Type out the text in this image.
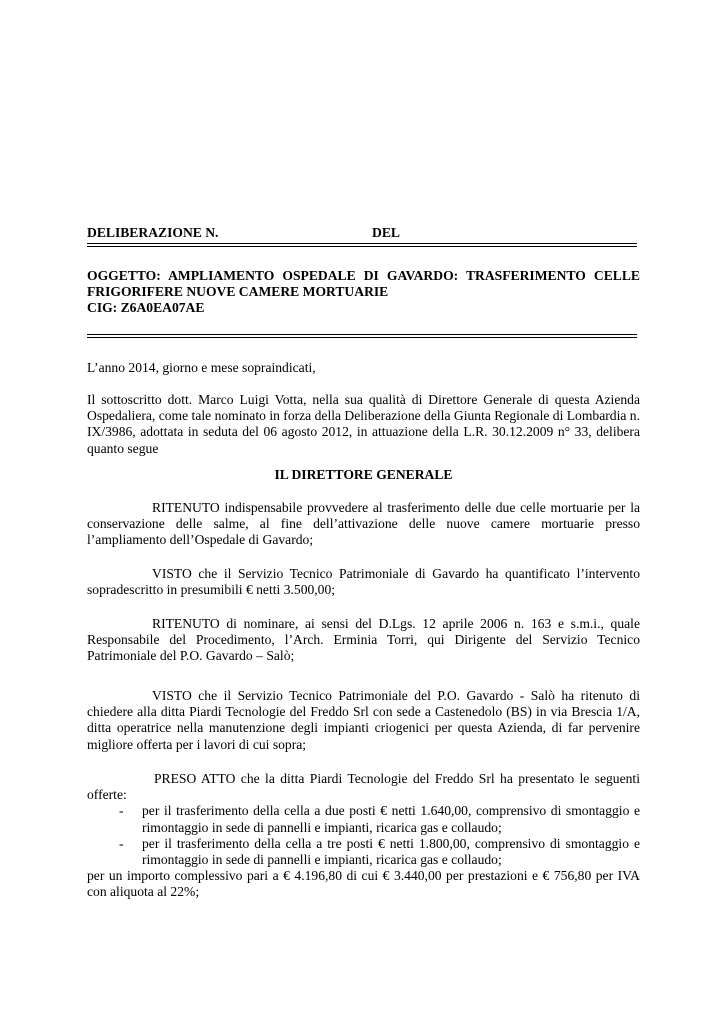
DELIBERAZIONE N.	DEL
OGGETTO: AMPLIAMENTO OSPEDALE DI GAVARDO: TRASFERIMENTO CELLE FRIGORIFERE NUOVE CAMERE MORTUARIE
CIG: Z6A0EA07AE
L’anno 2014, giorno e mese sopraindicati,
Il sottoscritto dott. Marco Luigi Votta, nella sua qualità di Direttore Generale di questa Azienda Ospedaliera, come tale nominato in forza della Deliberazione della Giunta Regionale di Lombardia n. IX/3986, adottata in seduta del 06 agosto 2012, in attuazione della L.R. 30.12.2009 n° 33, delibera quanto segue
IL DIRETTORE GENERALE
RITENUTO indispensabile provvedere al trasferimento delle due celle mortuarie per la conservazione delle salme, al fine dell’attivazione delle nuove camere mortuarie presso l’ampliamento dell’Ospedale di Gavardo;
VISTO che il Servizio Tecnico Patrimoniale di Gavardo ha quantificato l’intervento sopradescritto in presumibili € netti 3.500,00;
RITENUTO di nominare, ai sensi del D.Lgs. 12 aprile 2006 n. 163 e s.m.i., quale Responsabile del Procedimento, l’Arch. Erminia Torri, qui Dirigente del Servizio Tecnico Patrimoniale del P.O. Gavardo – Salò;
VISTO che il Servizio Tecnico Patrimoniale del P.O. Gavardo - Salò ha ritenuto di chiedere alla ditta Piardi Tecnologie del Freddo Srl con sede a Castenedolo (BS) in via Brescia 1/A, ditta operatrice nella manutenzione degli impianti criogenici per questa Azienda, di far pervenire migliore offerta per i lavori di cui sopra;
PRESO ATTO che la ditta Piardi Tecnologie del Freddo Srl ha presentato le seguenti offerte:
- per il trasferimento della cella a due posti € netti 1.640,00, comprensivo di smontaggio e rimontaggio in sede di pannelli e impianti, ricarica gas e collaudo;
- per il trasferimento della cella a tre posti € netti 1.800,00, comprensivo di smontaggio e rimontaggio in sede di pannelli e impianti, ricarica gas e collaudo;
per un importo complessivo pari a € 4.196,80 di cui € 3.440,00 per prestazioni e € 756,80 per IVA con aliquota al 22%;
